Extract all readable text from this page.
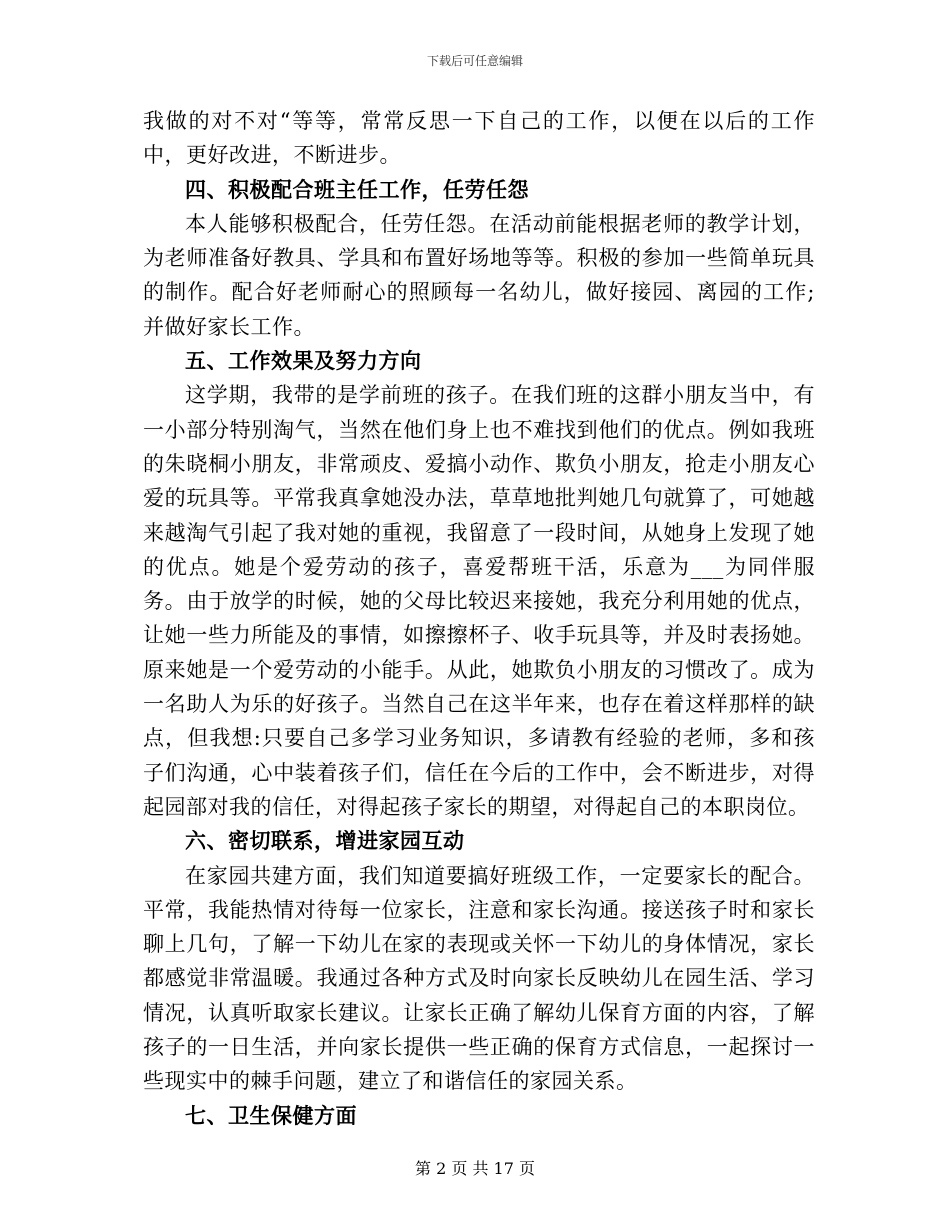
下载后可任意编辑

我做的对不对“等等，常常反思一下自己的工作，以便在以后的工作中，更好改进，不断进步。

四、积极配合班主任工作，任劳任怨

本人能够积极配合，任劳任怨。在活动前能根据老师的教学计划，为老师准备好教具、学具和布置好场地等等。积极的参加一些简单玩具的制作。配合好老师耐心的照顾每一名幼儿，做好接园、离园的工作;并做好家长工作。

五、工作效果及努力方向

这学期，我带的是学前班的孩子。在我们班的这群小朋友当中，有一小部分特别淘气，当然在他们身上也不难找到他们的优点。例如我班的朱晓桐小朋友，非常顽皮、爱搞小动作、欺负小朋友，抢走小朋友心爱的玩具等。平常我真拿她没办法，草草地批判她几句就算了，可她越来越淘气引起了我对她的重视，我留意了一段时间，从她身上发现了她的优点。她是个爱劳动的孩子，喜爱帮班干活，乐意为___为同伴服务。由于放学的时候，她的父母比较迟来接她，我充分利用她的优点，让她一些力所能及的事情，如擦擦杯子、收手玩具等，并及时表扬她。原来她是一个爱劳动的小能手。从此，她欺负小朋友的习惯改了。成为一名助人为乐的好孩子。当然自己在这半年来，也存在着这样那样的缺点，但我想:只要自己多学习业务知识，多请教有经验的老师，多和孩子们沟通，心中装着孩子们，信任在今后的工作中，会不断进步，对得起园部对我的信任，对得起孩子家长的期望，对得起自己的本职岗位。

六、密切联系，增进家园互动

在家园共建方面，我们知道要搞好班级工作，一定要家长的配合。平常，我能热情对待每一位家长，注意和家长沟通。接送孩子时和家长聊上几句，了解一下幼儿在家的表现或关怀一下幼儿的身体情况，家长都感觉非常温暖。我通过各种方式及时向家长反映幼儿在园生活、学习情况，认真听取家长建议。让家长正确了解幼儿保育方面的内容，了解孩子的一日生活，并向家长提供一些正确的保育方式信息，一起探讨一些现实中的棘手问题，建立了和谐信任的家园关系。

七、卫生保健方面

第 2 页 共 17 页
